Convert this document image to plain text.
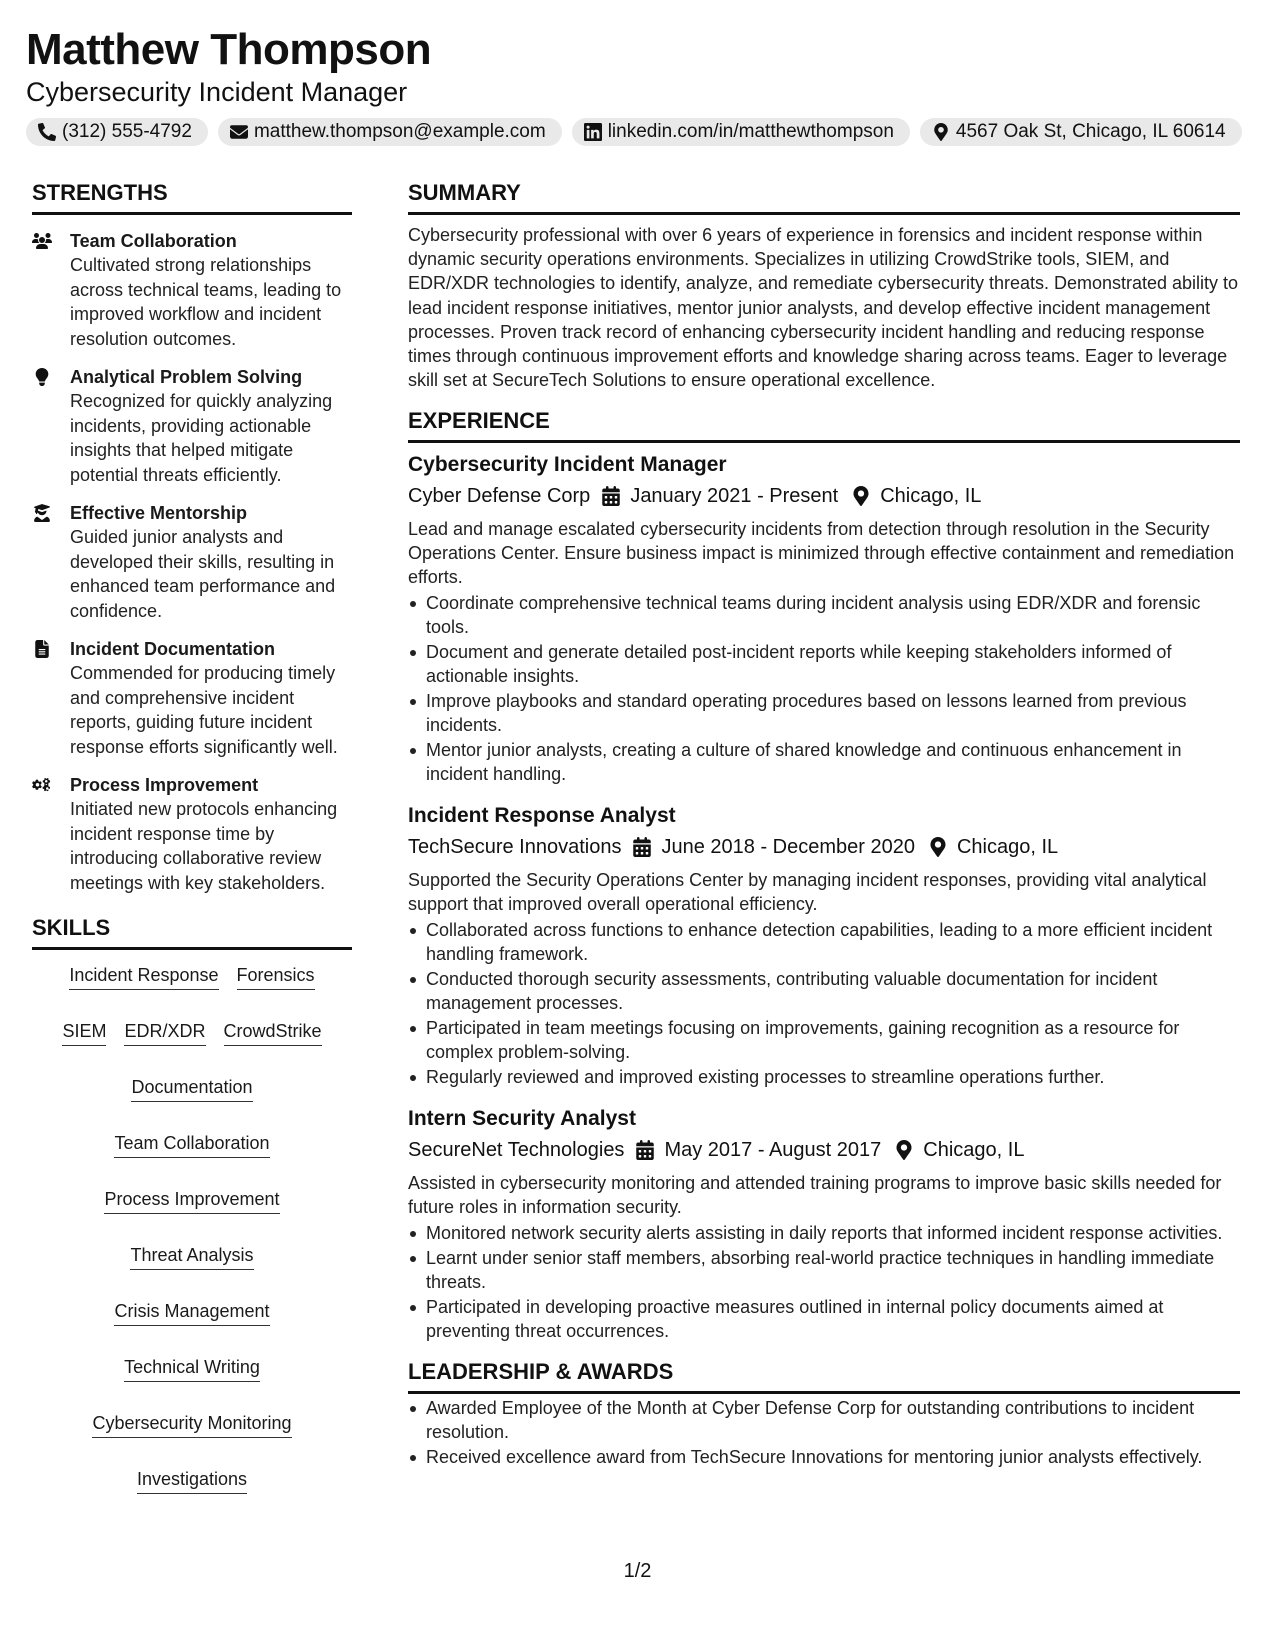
Matthew Thompson
Cybersecurity Incident Manager
(312) 555-4792	matthew.thompson@example.com	linkedin.com/in/matthewthompson	4567 Oak St, Chicago, IL 60614
STRENGTHS
Team Collaboration
Cultivated strong relationships across technical teams, leading to improved workflow and incident resolution outcomes.
Analytical Problem Solving
Recognized for quickly analyzing incidents, providing actionable insights that helped mitigate potential threats efficiently.
Effective Mentorship
Guided junior analysts and developed their skills, resulting in enhanced team performance and confidence.
Incident Documentation
Commended for producing timely and comprehensive incident reports, guiding future incident response efforts significantly well.
Process Improvement
Initiated new protocols enhancing incident response time by introducing collaborative review meetings with key stakeholders.
SKILLS
Incident Response Forensics
SIEM EDR/XDR CrowdStrike
Documentation
Team Collaboration
Process Improvement
Threat Analysis
Crisis Management
Technical Writing
Cybersecurity Monitoring
Investigations
SUMMARY
Cybersecurity professional with over 6 years of experience in forensics and incident response within dynamic security operations environments. Specializes in utilizing CrowdStrike tools, SIEM, and EDR/XDR technologies to identify, analyze, and remediate cybersecurity threats. Demonstrated ability to lead incident response initiatives, mentor junior analysts, and develop effective incident management processes. Proven track record of enhancing cybersecurity incident handling and reducing response times through continuous improvement efforts and knowledge sharing across teams. Eager to leverage skill set at SecureTech Solutions to ensure operational excellence.
EXPERIENCE
Cybersecurity Incident Manager
Cyber Defense Corp January 2021 - Present Chicago, IL
Lead and manage escalated cybersecurity incidents from detection through resolution in the Security Operations Center. Ensure business impact is minimized through effective containment and remediation efforts.
Coordinate comprehensive technical teams during incident analysis using EDR/XDR and forensic tools.
Document and generate detailed post-incident reports while keeping stakeholders informed of actionable insights.
Improve playbooks and standard operating procedures based on lessons learned from previous incidents.
Mentor junior analysts, creating a culture of shared knowledge and continuous enhancement in incident handling.
Incident Response Analyst
TechSecure Innovations June 2018 - December 2020 Chicago, IL
Supported the Security Operations Center by managing incident responses, providing vital analytical support that improved overall operational efficiency.
Collaborated across functions to enhance detection capabilities, leading to a more efficient incident handling framework.
Conducted thorough security assessments, contributing valuable documentation for incident management processes.
Participated in team meetings focusing on improvements, gaining recognition as a resource for complex problem-solving.
Regularly reviewed and improved existing processes to streamline operations further.
Intern Security Analyst
SecureNet Technologies May 2017 - August 2017 Chicago, IL
Assisted in cybersecurity monitoring and attended training programs to improve basic skills needed for future roles in information security.
Monitored network security alerts assisting in daily reports that informed incident response activities.
Learnt under senior staff members, absorbing real-world practice techniques in handling immediate threats.
Participated in developing proactive measures outlined in internal policy documents aimed at preventing threat occurrences.
LEADERSHIP & AWARDS
Awarded Employee of the Month at Cyber Defense Corp for outstanding contributions to incident resolution.
Received excellence award from TechSecure Innovations for mentoring junior analysts effectively.
1/2
